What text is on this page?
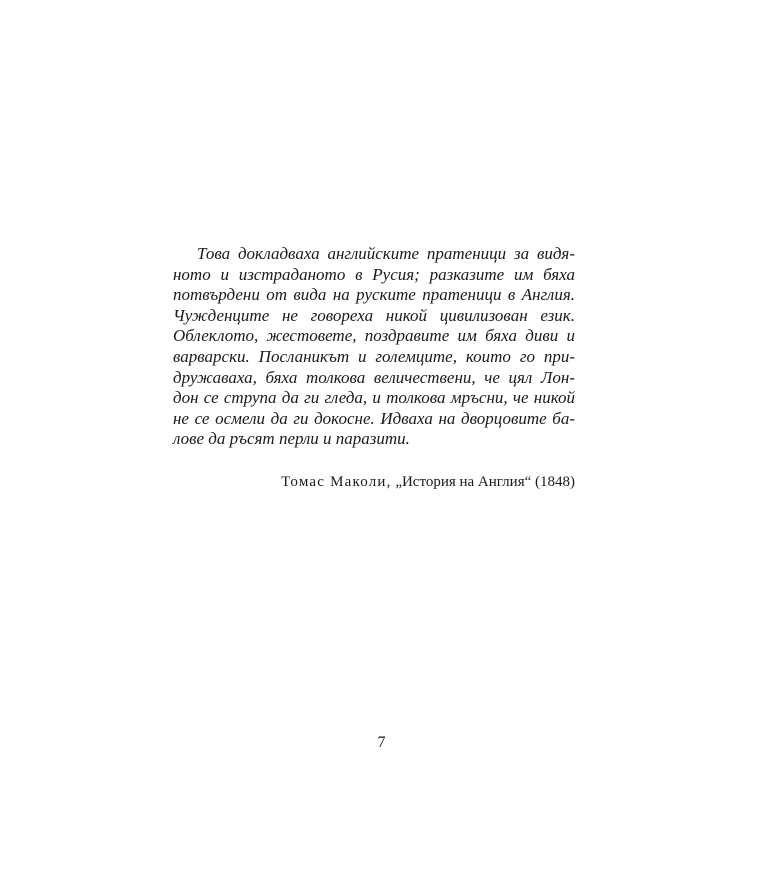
Това докладваха английските пратеници за видя-
ното и изстраданото в Русия; разказите им бяха
потвърдени от вида на руските пратеници в Англия.
Чужденците не говореха никой цивилизован език.
Облеклото, жестовете, поздравите им бяха диви и
варварски. Посланикът и големците, които го при-
дружаваха, бяха толкова величествени, че цял Лон-
дон се струпа да ги гледа, и толкова мръсни, че никой
не се осмели да ги докосне. Идваха на дворцовите ба-
лове да ръсят перли и паразити.
Томас Маколи, „История на Англия“ (1848)
7
